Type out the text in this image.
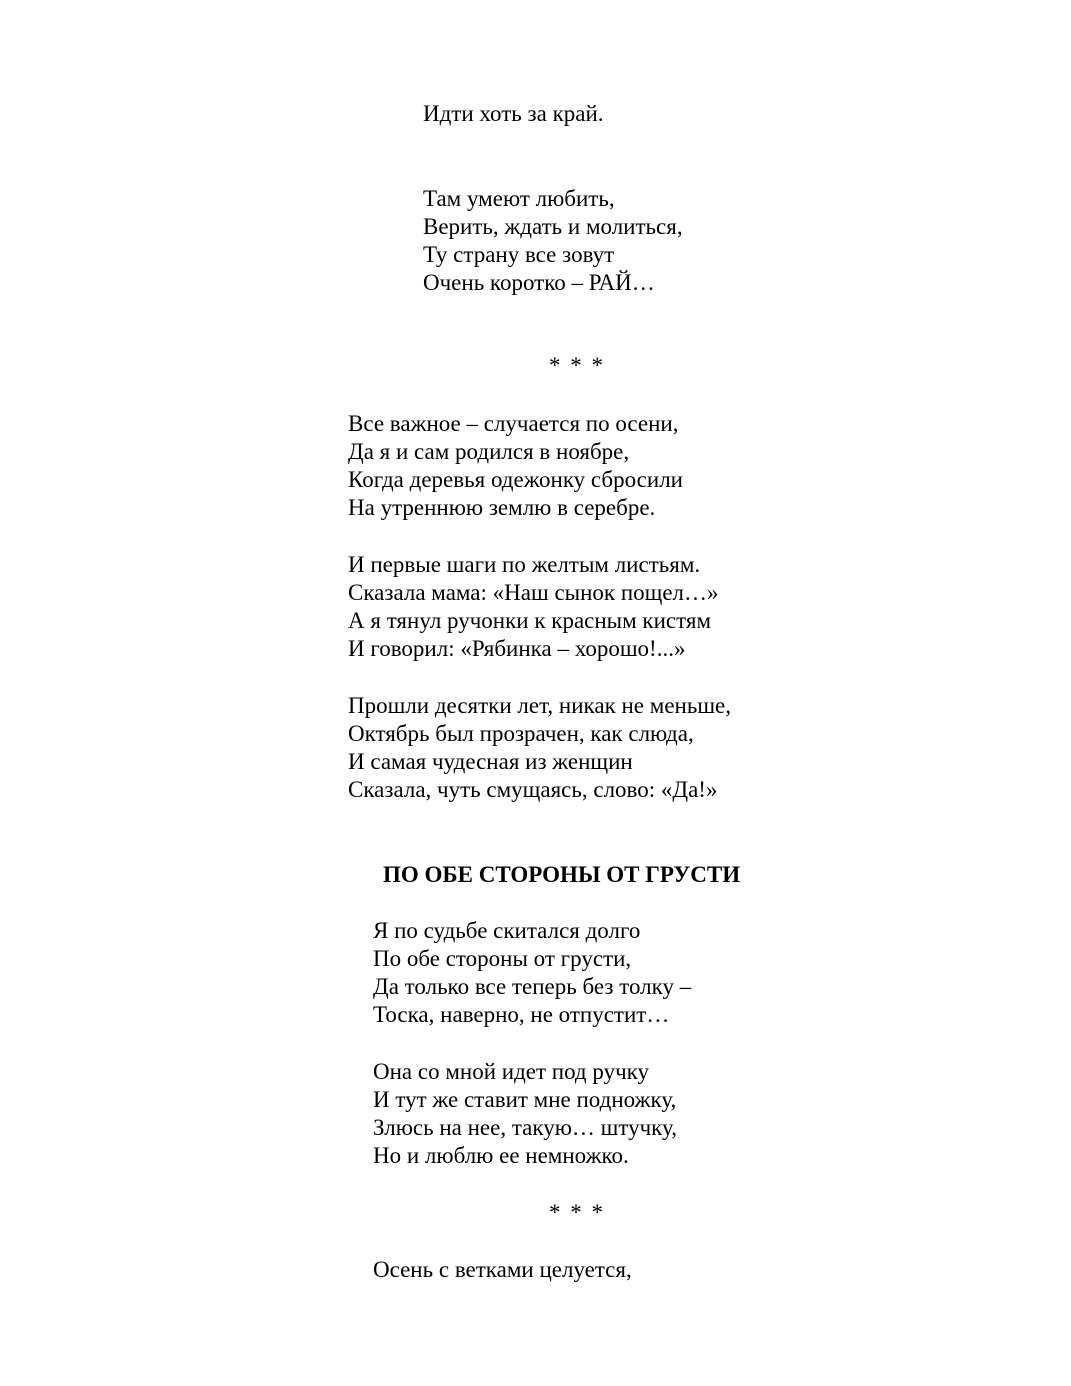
Идти хоть за край.
Там умеют любить,
Верить, ждать и молиться,
Ту страну все зовут
Очень коротко – РАЙ…
* * *
Все важное – случается по осени,
Да я и сам родился в ноябре,
Когда деревья одежонку сбросили
На утреннюю землю в серебре.
И первые шаги по желтым листьям.
Сказала мама: «Наш сынок пощел…»
А я тянул ручонки к красным кистям
И говорил: «Рябинка – хорошо!...»
Прошли десятки лет, никак не меньше,
Октябрь был прозрачен, как слюда,
И самая чудесная из женщин
Сказала, чуть смущаясь, слово: «Да!»
ПО ОБЕ СТОРОНЫ ОТ ГРУСТИ
Я по судьбе скитался долго
По обе стороны от грусти,
Да только все теперь без толку –
Тоска, наверно, не отпустит…
Она со мной идет под ручку
И тут же ставит мне подножку,
Злюсь на нее, такую… штучку,
Но и люблю ее немножко.
* * *
Осень с ветками целуется,
